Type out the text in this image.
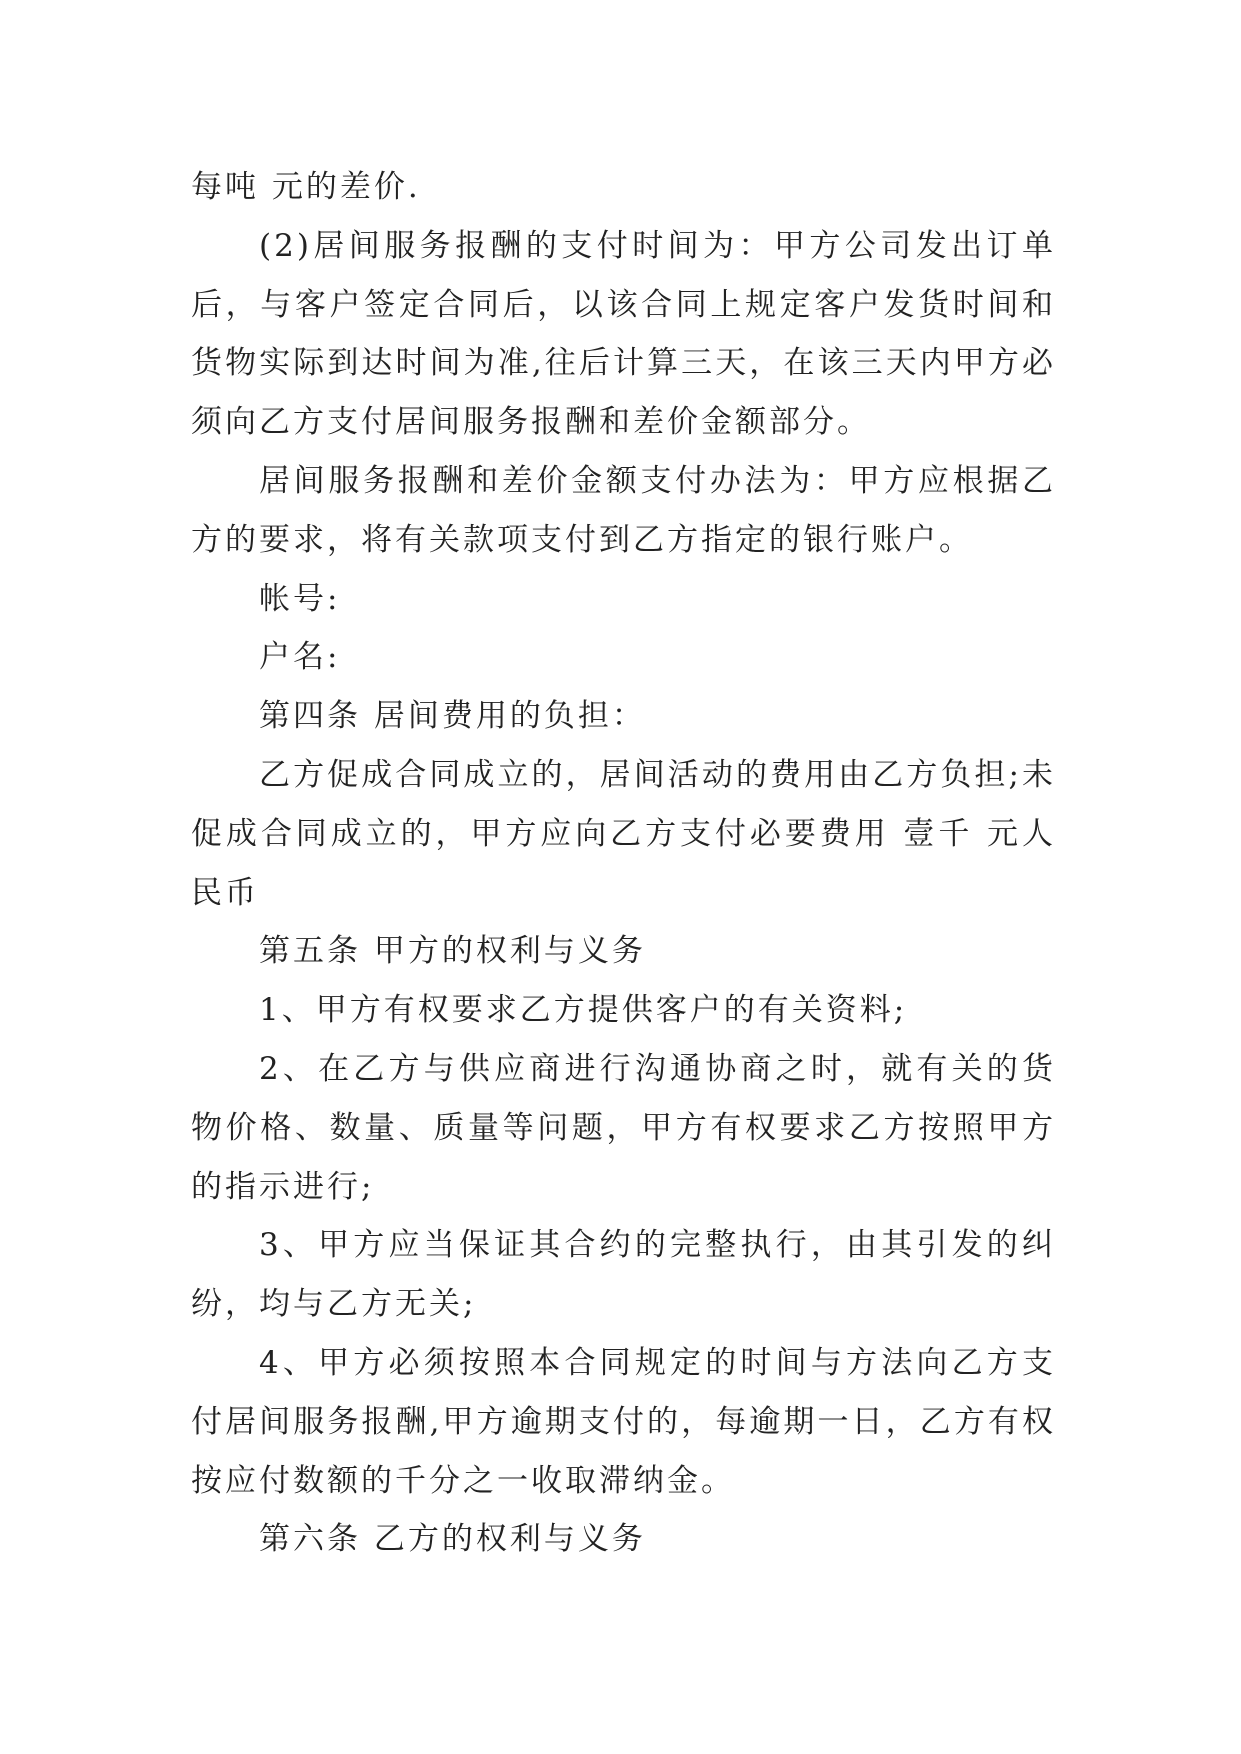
每吨 元的差价.

(2)居间服务报酬的支付时间为：甲方公司发出订单后，与客户签定合同后，以该合同上规定客户发货时间和货物实际到达时间为准,往后计算三天，在该三天内甲方必须向乙方支付居间服务报酬和差价金额部分。

居间服务报酬和差价金额支付办法为：甲方应根据乙方的要求，将有关款项支付到乙方指定的银行账户。

帐号:

户名:

第四条 居间费用的负担：

乙方促成合同成立的，居间活动的费用由乙方负担;未促成合同成立的，甲方应向乙方支付必要费用 壹千 元人民币

第五条 甲方的权利与义务

1、甲方有权要求乙方提供客户的有关资料;

2、在乙方与供应商进行沟通协商之时，就有关的货物价格、数量、质量等问题，甲方有权要求乙方按照甲方的指示进行;

3、甲方应当保证其合约的完整执行，由其引发的纠纷，均与乙方无关;

4、甲方必须按照本合同规定的时间与方法向乙方支付居间服务报酬,甲方逾期支付的，每逾期一日，乙方有权按应付数额的千分之一收取滞纳金。

第六条 乙方的权利与义务
